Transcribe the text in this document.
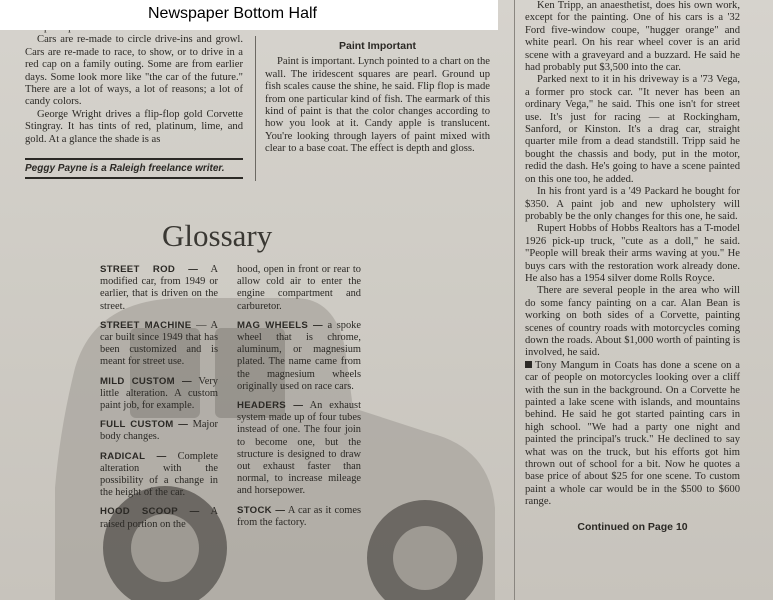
Newspaper Bottom Half

Cars are re-made to circle drive-ins and growl. Cars are re-made to race, to show, or to drive in a red cap on a family outing. Some are from earlier days. Some look more like "the car of the future." There are a lot of ways, a lot of reasons; a lot of candy colors.

George Wright drives a flip-flop gold Corvette Stingray. It has tints of red, platinum, lime, and gold. At a glance the shade is as

Peggy Payne is a Raleigh freelance writer.
Paint Important

Paint is important. Lynch pointed to a chart on the wall. The iridescent squares are pearl. Ground up fish scales cause the shine, he said. Flip flop is made from one particular kind of fish. The earmark of this kind of paint is that the color changes according to how you look at it. Candy apple is translucent. You're looking through layers of paint mixed with clear to a base coat. The effect is depth and gloss.

Glossary
STREET ROD — A modified car, from 1949 or earlier, that is driven on the street.
STREET MACHINE — A car built since 1949 that has been customized and is meant for street use.
MILD CUSTOM — Very little alteration. A custom paint job, for example.
FULL CUSTOM — Major body changes.
RADICAL — Complete alteration with the possibility of a change in the height of the car.
HOOD SCOOP — A raised portion on the
hood, open in front or rear to allow cold air to enter the engine compartment and carburetor.
MAG WHEELS — a spoke wheel that is chrome, aluminum, or magnesium plated. The name came from the magnesium wheels originally used on race cars.
HEADERS — An exhaust system made up of four tubes instead of one. The four join to become one, but the structure is designed to draw out exhaust faster than normal, to increase mileage and horsepower.
STOCK — A car as it comes from the factory.

Ken Tripp, an anaesthetist, does his own work, except for the painting. One of his cars is a '32 Ford five-window coupe, "hugger orange" and white pearl. On his rear wheel cover is an arid scene with a graveyard and a buzzard. He said he had probably put $3,500 into the car.

Parked next to it in his driveway is a '73 Vega, a former pro stock car. "It never has been an ordinary Vega," he said. This one isn't for street use. It's just for racing — at Rockingham, Sanford, or Kinston. It's a drag car, straight quarter mile from a dead standstill. Tripp said he bought the chassis and body, put in the motor, redid the dash. He's going to have a scene painted on this one too, he added.

In his front yard is a '49 Packard he bought for $350. A paint job and new upholstery will probably be the only changes for this one, he said.

Rupert Hobbs of Hobbs Realtors has a T-model 1926 pick-up truck, "cute as a doll," he said. "People will break their arms waving at you." He buys cars with the restoration work already done. He also has a 1954 silver dome Rolls Royce.

There are several people in the area who will do some fancy painting on a car. Alan Bean is working on both sides of a Corvette, painting scenes of country roads with motorcycles coming down the roads. About $1,000 worth of painting is involved, he said.

Tony Mangum in Coats has done a scene on a car of people on motorcycles looking over a cliff with the sun in the background. On a Corvette he painted a lake scene with islands, and mountains behind. He said he got started painting cars in high school. "We had a party one night and painted the principal's truck." He declined to say what was on the truck, but his efforts got him thrown out of school for a bit. Now he quotes a base price of about $25 for one scene. To custom paint a whole car would be in the $500 to $600 range.

Continued on Page 10
